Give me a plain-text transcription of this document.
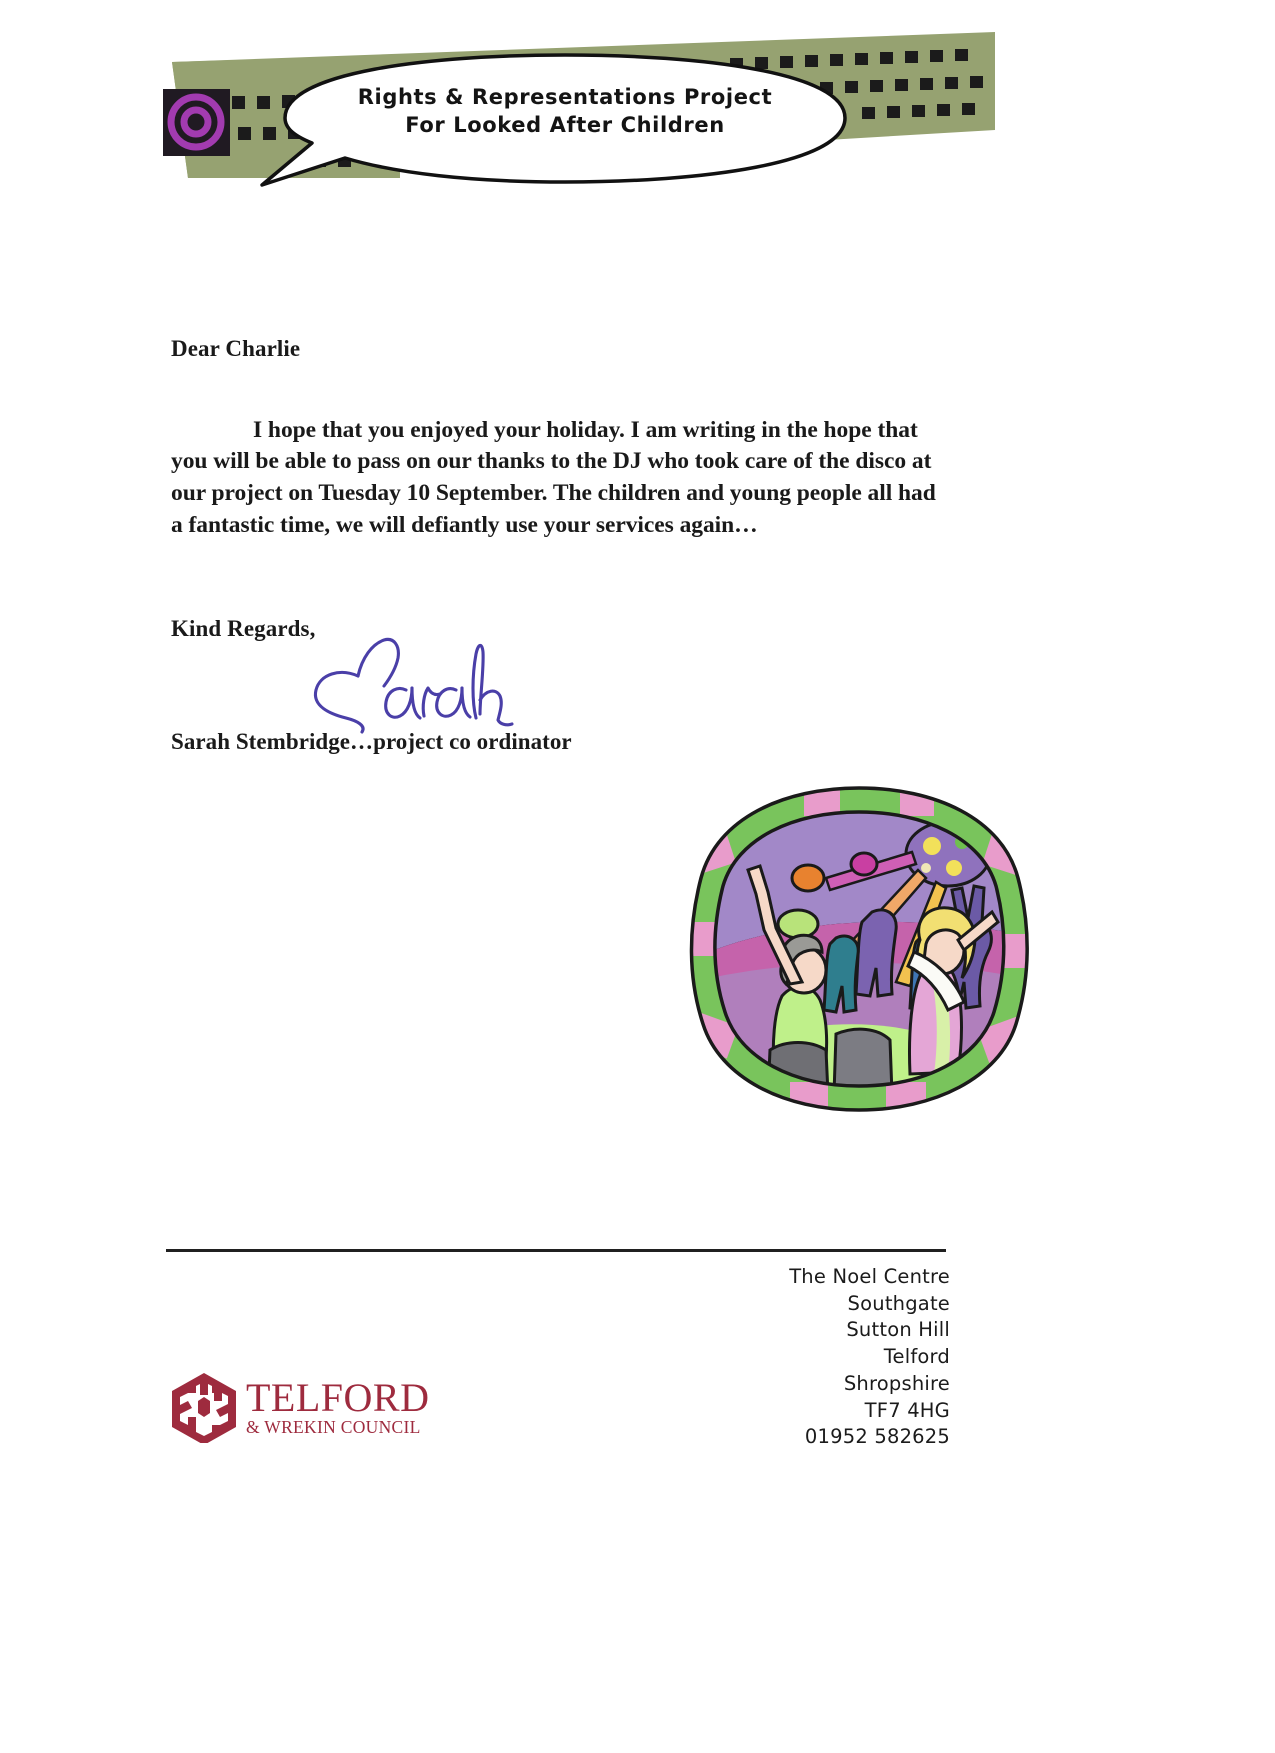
Rights & Representations Project
For Looked After Children

Dear Charlie

I hope that you enjoyed your holiday. I am writing in the hope that you will be able to pass on our thanks to the DJ who took care of the disco at our project on Tuesday 10 September. The children and young people all had a fantastic time, we will defiantly use your services again…

Kind Regards,
Sarah Stembridge…project co ordinator
The Noel Centre
Southgate
Sutton Hill
Telford
Shropshire
TF7 4HG
01952 582625
TELFORD
& WREKIN COUNCIL
